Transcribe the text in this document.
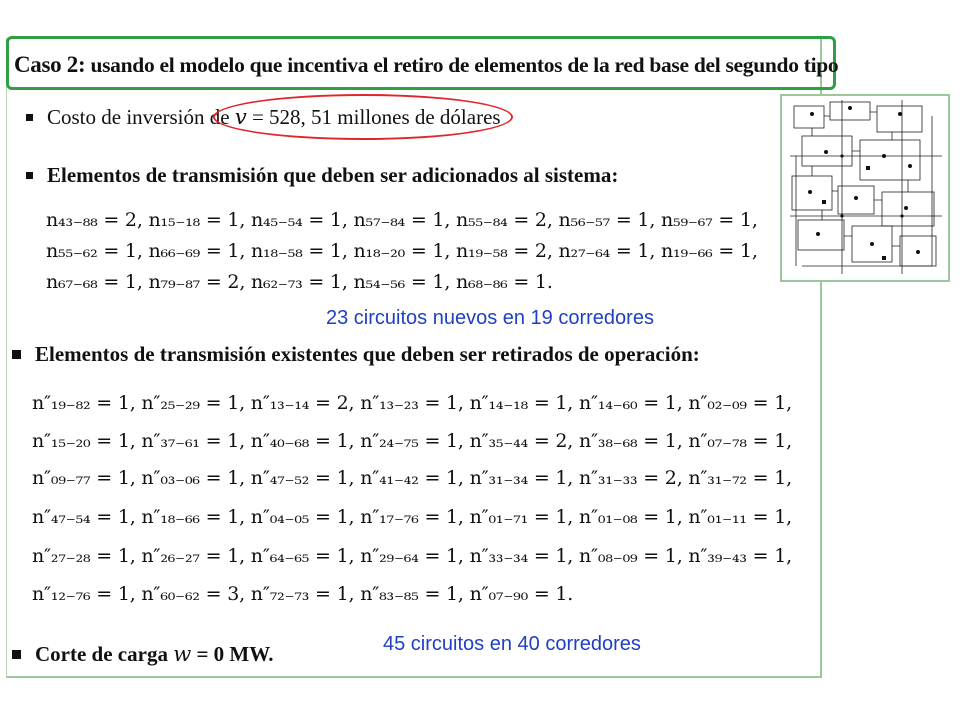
Caso 2: usando el modelo que incentiva el retiro de elementos de la red base del segundo tipo
Costo de inversión de v = 528, 51 millones de dólares
Elementos de transmisión que deben ser adicionados al sistema:
n₄₃₋₈₈ = 2, n₁₅₋₁₈ = 1, n₄₅₋₅₄ = 1, n₅₇₋₈₄ = 1, n₅₅₋₈₄ = 2, n₅₆₋₅₇ = 1, n₅₉₋₆₇ = 1,
n₅₅₋₆₂ = 1, n₆₆₋₆₉ = 1, n₁₈₋₅₈ = 1, n₁₈₋₂₀ = 1, n₁₉₋₅₈ = 2, n₂₇₋₆₄ = 1, n₁₉₋₆₆ = 1,
n₆₇₋₆₈ = 1, n₇₉₋₈₇ = 2, n₆₂₋₇₃ = 1, n₅₄₋₅₆ = 1, n₆₈₋₈₆ = 1.
23 circuitos nuevos en 19 corredores
Elementos de transmisión existentes que deben ser retirados de operación:
n″₁₉₋₈₂ = 1, n″₂₅₋₂₉ = 1, n″₁₃₋₁₄ = 2, n″₁₃₋₂₃ = 1, n″₁₄₋₁₈ = 1, n″₁₄₋₆₀ = 1, n″₀₂₋₀₉ = 1,
n″₁₅₋₂₀ = 1, n″₃₇₋₆₁ = 1, n″₄₀₋₆₈ = 1, n″₂₄₋₇₅ = 1, n″₃₅₋₄₄ = 2, n″₃₈₋₆₈ = 1, n″₀₇₋₇₈ = 1,
n″₀₉₋₇₇ = 1, n″₀₃₋₀₆ = 1, n″₄₇₋₅₂ = 1, n″₄₁₋₄₂ = 1, n″₃₁₋₃₄ = 1, n″₃₁₋₃₃ = 2, n″₃₁₋₇₂ = 1,
n″₄₇₋₅₄ = 1, n″₁₈₋₆₆ = 1, n″₀₄₋₀₅ = 1, n″₁₇₋₇₆ = 1, n″₀₁₋₇₁ = 1, n″₀₁₋₀₈ = 1, n″₀₁₋₁₁ = 1,
n″₂₇₋₂₈ = 1, n″₂₆₋₂₇ = 1, n″₆₄₋₆₅ = 1, n″₂₉₋₆₄ = 1, n″₃₃₋₃₄ = 1, n″₀₈₋₀₉ = 1, n″₃₉₋₄₃ = 1,
n″₁₂₋₇₆ = 1, n″₆₀₋₆₂ = 3, n″₇₂₋₇₃ = 1, n″₈₃₋₈₅ = 1, n″₀₇₋₉₀ = 1.
45 circuitos en 40 corredores
Corte de carga w = 0 MW.
